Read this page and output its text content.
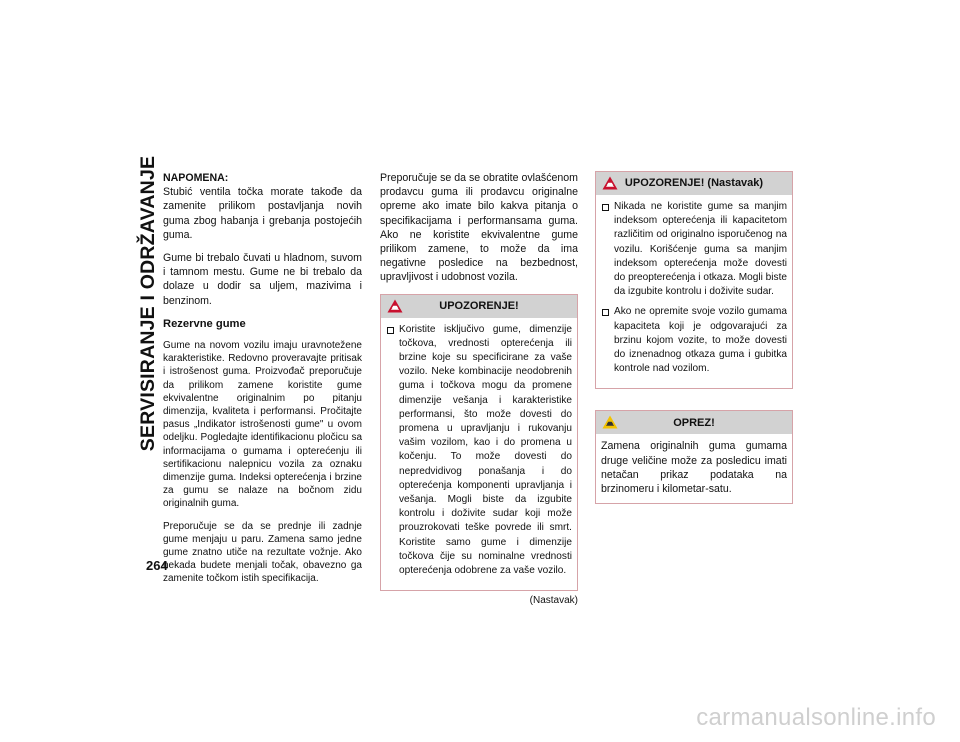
SERVISIRANJE I ODRŽAVANJE
264
NAPOMENA:

Stubić ventila točka morate takođe da zamenite prilikom postavljanja novih guma zbog habanja i grebanja postojećih guma.

Gume bi trebalo čuvati u hladnom, suvom i tamnom mestu. Gume ne bi trebalo da dolaze u dodir sa uljem, mazivima i benzinom.

Rezervne gume

Gume na novom vozilu imaju uravnotežene karakteristike. Redovno proveravajte pritisak i istrošenost guma. Proizvođač preporučuje da prilikom zamene koristite gume ekvivalentne originalnim po pitanju dimenzija, kvaliteta i performansi. Pročitajte pasus „Indikator istrošenosti gume" u ovom odeljku. Pogledajte identifikacionu pločicu sa informacijama o gumama i opterećenju ili sertifikacionu nalepnicu vozila za oznaku dimenzije guma. Indeksi opterećenja i brzine za gumu se nalaze na bočnom zidu originalnih guma.

Preporučuje se da se prednje ili zadnje gume menjaju u paru. Zamena samo jedne gume znatno utiče na rezultate vožnje. Ako nekada budete menjali točak, obavezno ga zamenite točkom istih specifikacija.

Preporučuje se da se obratite ovlašćenom prodavcu guma ili prodavcu originalne opreme ako imate bilo kakva pitanja o specifikacijama i performansama guma. Ako ne koristite ekvivalentne gume prilikom zamene, to može da ima negativne posledice na bezbednost, upravljivost i udobnost vozila.

UPOZORENJE!
Koristite isključivo gume, dimenzije točkova, vrednosti opterećenja ili brzine koje su specificirane za vaše vozilo. Neke kombinacije neodobrenih guma i točkova mogu da promene dimenzije vešanja i karakteristike performansi, što može dovesti do promena u upravljanju i rukovanju vašim vozilom, kao i do promena u kočenju. To može dovesti do nepredvidivog ponašanja i do opterećenja komponenti upravljanja i vešanja. Mogli biste da izgubite kontrolu i doživite sudar koji može prouzrokovati teške povrede ili smrt. Koristite samo gume i dimenzije točkova čije su nominalne vrednosti opterećenja odobrene za vaše vozilo.
(Nastavak)
UPOZORENJE! (Nastavak)
Nikada ne koristite gume sa manjim indeksom opterećenja ili kapacitetom različitim od originalno isporučenog na vozilu. Korišćenje guma sa manjim indeksom opterećenja može dovesti do preopterećenja i otkaza. Mogli biste da izgubite kontrolu i doživite sudar.
Ako ne opremite svoje vozilo gumama kapaciteta koji je odgovarajući za brzinu kojom vozite, to može dovesti do iznenadnog otkaza guma i gubitka kontrole nad vozilom.
OPREZ!
Zamena originalnih guma gumama druge veličine može za posledicu imati netačan prikaz podataka na brzinomeru i kilometar-satu.
carmanualsonline.info
